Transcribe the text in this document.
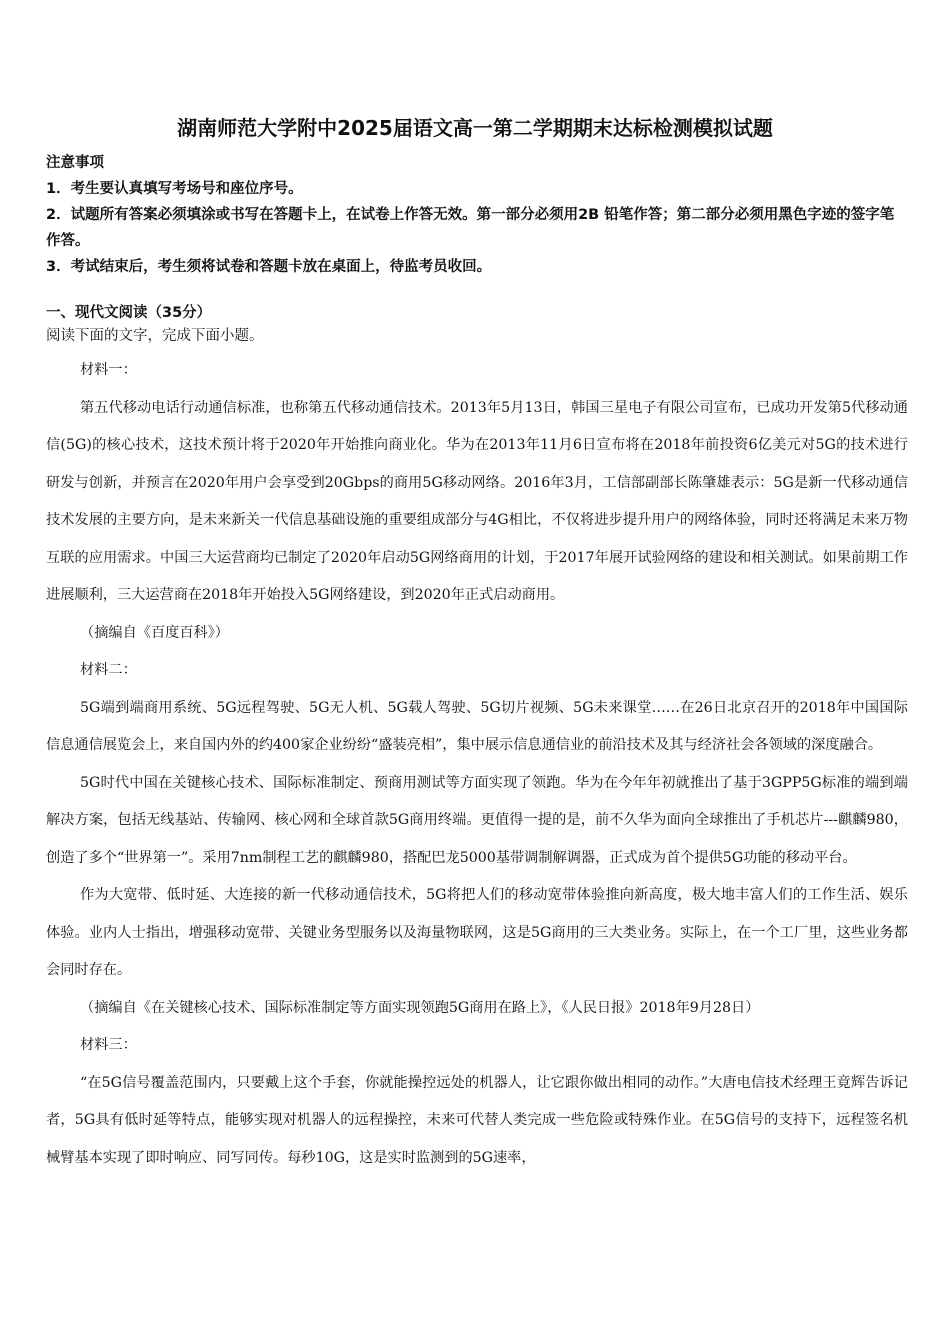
湖南师范大学附中2025届语文高一第二学期期末达标检测模拟试题

注意事项

1．考生要认真填写考场号和座位序号。

2．试题所有答案必须填涂或书写在答题卡上，在试卷上作答无效。第一部分必须用2B 铅笔作答；第二部分必须用黑色字迹的签字笔作答。

3．考试结束后，考生须将试卷和答题卡放在桌面上，待监考员收回。

一、现代文阅读（35分）
阅读下面的文字，完成下面小题。

材料一：

第五代移动电话行动通信标准，也称第五代移动通信技术。2013年5月13日，韩国三星电子有限公司宣布，已成功开发第5代移动通信(5G)的核心技术，这技术预计将于2020年开始推向商业化。华为在2013年11月6日宣布将在2018年前投资6亿美元对5G的技术进行研发与创新，并预言在2020年用户会享受到20Gbps的商用5G移动网络。2016年3月，工信部副部长陈肇雄表示：5G是新一代移动通信技术发展的主要方向，是未来新关一代信息基础设施的重要组成部分与4G相比，不仅将进步提升用户的网络体验，同时还将满足未来万物互联的应用需求。中国三大运营商均已制定了2020年启动5G网络商用的计划，于2017年展开试验网络的建设和相关测试。如果前期工作进展顺利，三大运营商在2018年开始投入5G网络建设，到2020年正式启动商用。

（摘编自《百度百科》）

材料二：

5G端到端商用系统、5G远程驾驶、5G无人机、5G载人驾驶、5G切片视频、5G未来课堂……在26日北京召开的2018年中国国际信息通信展览会上，来自国内外的约400家企业纷纷“盛装亮相”，集中展示信息通信业的前沿技术及其与经济社会各领域的深度融合。

5G时代中国在关键核心技术、国际标准制定、预商用测试等方面实现了领跑。华为在今年年初就推出了基于3GPP5G标准的端到端解决方案，包括无线基站、传输网、核心网和全球首款5G商用终端。更值得一提的是，前不久华为面向全球推出了手机芯片---麒麟980，创造了多个“世界第一”。采用7nm制程工艺的麒麟980，搭配巴龙5000基带调制解调器，正式成为首个提供5G功能的移动平台。

作为大宽带、低时延、大连接的新一代移动通信技术，5G将把人们的移动宽带体验推向新高度，极大地丰富人们的工作生活、娱乐体验。业内人士指出，增强移动宽带、关键业务型服务以及海量物联网，这是5G商用的三大类业务。实际上，在一个工厂里，这些业务都会同时存在。

（摘编自《在关键核心技术、国际标准制定等方面实现领跑5G商用在路上》，《人民日报》2018年9月28日）

材料三：

“在5G信号覆盖范围内，只要戴上这个手套，你就能操控远处的机器人，让它跟你做出相同的动作。”大唐电信技术经理王竟辉告诉记者，5G具有低时延等特点，能够实现对机器人的远程操控，未来可代替人类完成一些危险或特殊作业。在5G信号的支持下，远程签名机械臂基本实现了即时响应、同写同传。每秒10G，这是实时监测到的5G速率，
